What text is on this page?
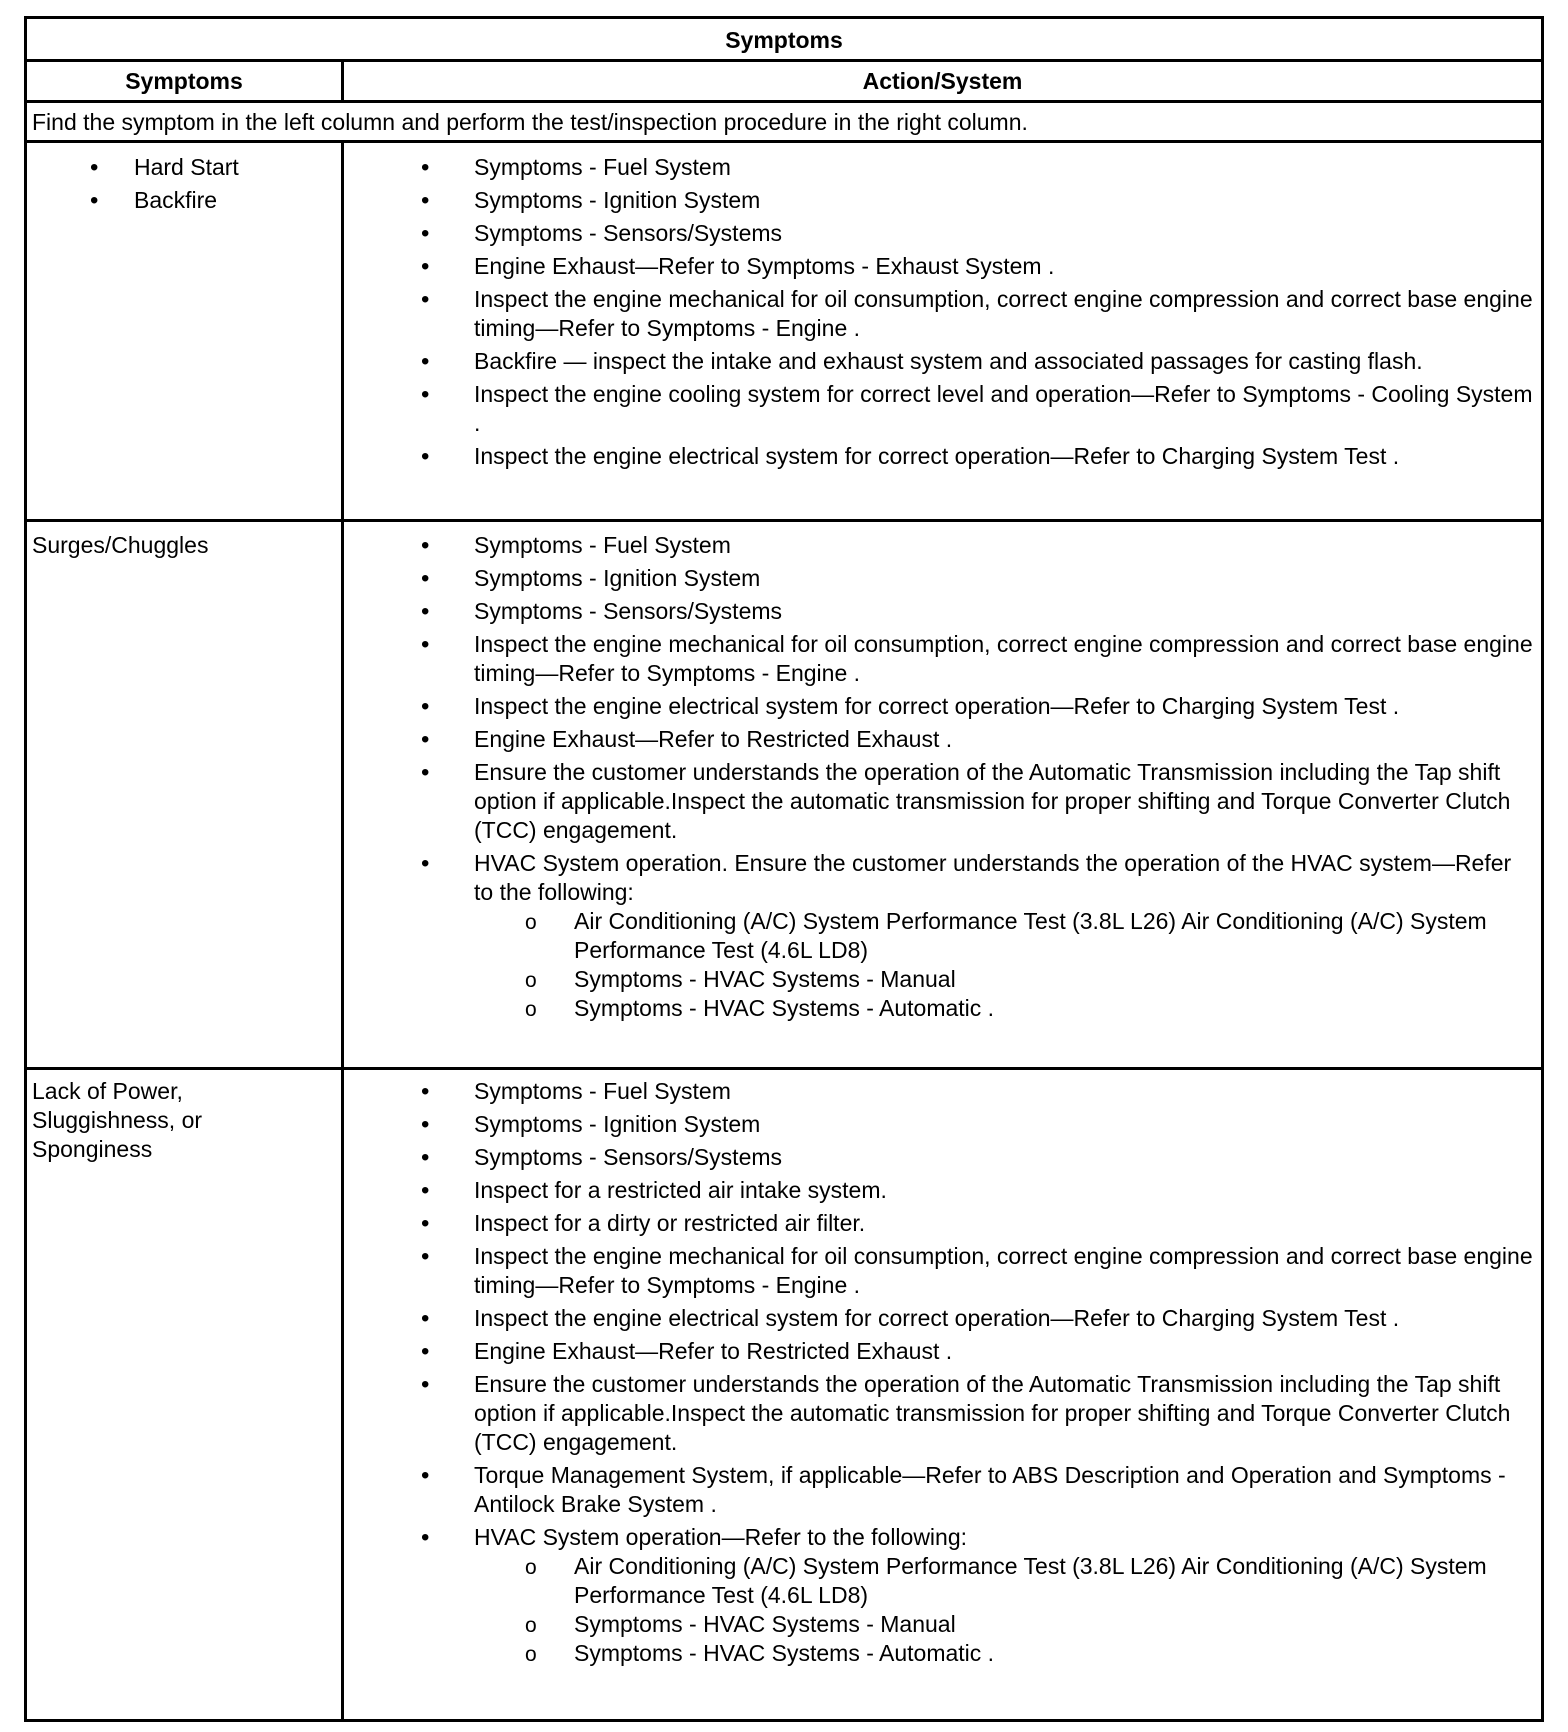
Symptoms
Symptoms	Action/System
Find the symptom in the left column and perform the test/inspection procedure in the right column.
• Hard Start
• Backfire
• Symptoms - Fuel System
• Symptoms - Ignition System
• Symptoms - Sensors/Systems
• Engine Exhaust—Refer to Symptoms - Exhaust System .
• Inspect the engine mechanical for oil consumption, correct engine compression and correct base engine timing—Refer to Symptoms - Engine .
• Backfire — inspect the intake and exhaust system and associated passages for casting flash.
• Inspect the engine cooling system for correct level and operation—Refer to Symptoms - Cooling System .
• Inspect the engine electrical system for correct operation—Refer to Charging System Test .
Surges/Chuggles
•	Symptoms - Fuel System
• Symptoms - Ignition System
• Symptoms - Sensors/Systems
• Inspect the engine mechanical for oil consumption, correct engine compression and correct base engine timing—Refer to Symptoms - Engine .
• Inspect the engine electrical system for correct operation—Refer to Charging System Test .
• Engine Exhaust—Refer to Restricted Exhaust .
• Ensure the customer understands the operation of the Automatic Transmission including the Tap shift option if applicable.Inspect the automatic transmission for proper shifting and Torque Converter Clutch (TCC) engagement.
• HVAC System operation. Ensure the customer understands the operation of the HVAC system—Refer to the following:
o Air Conditioning (A/C) System Performance Test (3.8L L26) Air Conditioning (A/C) System Performance Test (4.6L LD8)
o Symptoms - HVAC Systems - Manual
o Symptoms - HVAC Systems - Automatic .
Lack of Power, Sluggishness, or Sponginess
• Symptoms - Fuel System
• Symptoms - Ignition System
• Symptoms - Sensors/Systems
• Inspect for a restricted air intake system.
• Inspect for a dirty or restricted air filter.
• Inspect the engine mechanical for oil consumption, correct engine compression and correct base engine timing—Refer to Symptoms - Engine .
• Inspect the engine electrical system for correct operation—Refer to Charging System Test .
• Engine Exhaust—Refer to Restricted Exhaust .
• Ensure the customer understands the operation of the Automatic Transmission including the Tap shift option if applicable.Inspect the automatic transmission for proper shifting and Torque Converter Clutch (TCC) engagement.
• Torque Management System, if applicable—Refer to ABS Description and Operation and Symptoms - Antilock Brake System .
• HVAC System operation—Refer to the following:
o Air Conditioning (A/C) System Performance Test (3.8L L26) Air Conditioning (A/C) System Performance Test (4.6L LD8)
o Symptoms - HVAC Systems - Manual
o Symptoms - HVAC Systems - Automatic .
